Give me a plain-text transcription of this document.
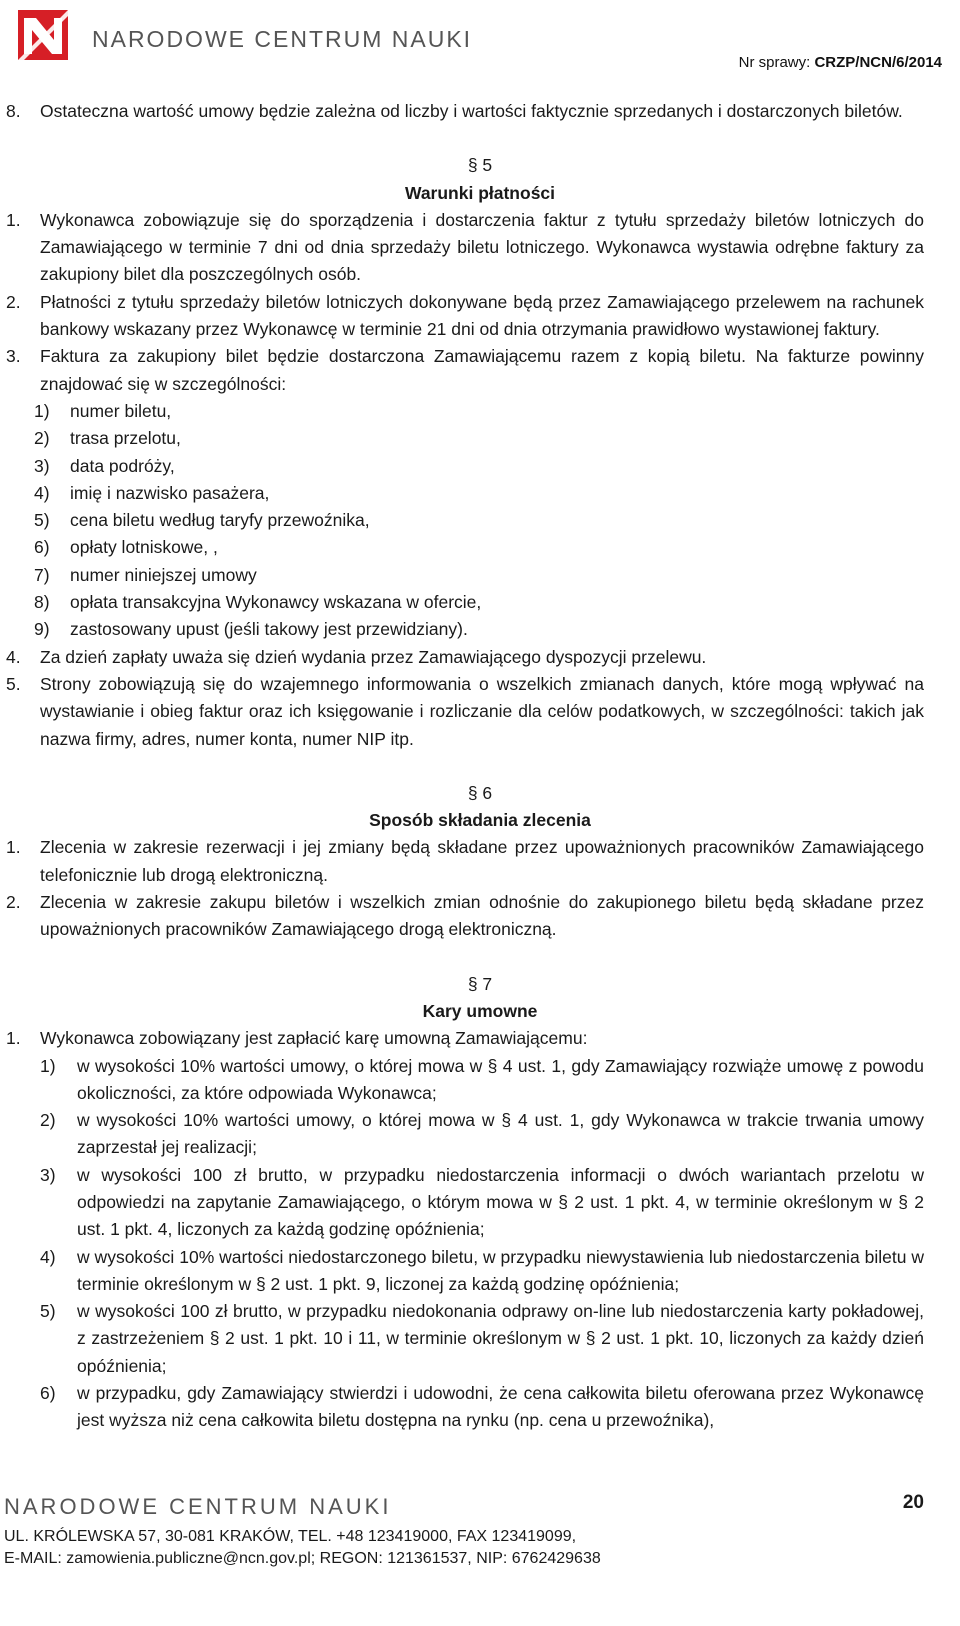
NARODOWE CENTRUM NAUKI
Nr sprawy: CRZP/NCN/6/2014
8. Ostateczna wartość umowy będzie zależna od liczby i wartości faktycznie sprzedanych i dostarczonych biletów.
§ 5
Warunki płatności
1. Wykonawca zobowiązuje się do sporządzenia i dostarczenia faktur z tytułu sprzedaży biletów lotniczych do Zamawiającego w terminie 7 dni od dnia sprzedaży biletu lotniczego. Wykonawca wystawia odrębne faktury za zakupiony bilet dla poszczególnych osób.
2. Płatności z tytułu sprzedaży biletów lotniczych dokonywane będą przez Zamawiającego przelewem na rachunek bankowy wskazany przez Wykonawcę w terminie 21 dni od dnia otrzymania prawidłowo wystawionej faktury.
3. Faktura za zakupiony bilet będzie dostarczona Zamawiającemu razem z kopią biletu. Na fakturze powinny znajdować się w szczególności:
1) numer biletu,
2) trasa przelotu,
3) data podróży,
4) imię i nazwisko pasażera,
5) cena biletu według taryfy przewoźnika,
6) opłaty lotniskowe, ,
7) numer niniejszej umowy
8) opłata transakcyjna Wykonawcy wskazana w ofercie,
9) zastosowany upust (jeśli takowy jest przewidziany).
4. Za dzień zapłaty uważa się dzień wydania przez Zamawiającego dyspozycji przelewu.
5. Strony zobowiązują się do wzajemnego informowania o wszelkich zmianach danych, które mogą wpływać na wystawianie i obieg faktur oraz ich księgowanie i rozliczanie dla celów podatkowych, w szczególności: takich jak nazwa firmy, adres, numer konta, numer NIP itp.
§ 6
Sposób składania zlecenia
1. Zlecenia w zakresie rezerwacji i jej zmiany będą składane przez upoważnionych pracowników Zamawiającego telefonicznie lub drogą elektroniczną.
2. Zlecenia w zakresie zakupu biletów i wszelkich zmian odnośnie do zakupionego biletu będą składane przez upoważnionych pracowników Zamawiającego drogą elektroniczną.
§ 7
Kary umowne
1. Wykonawca zobowiązany jest zapłacić karę umowną Zamawiającemu:
1) w wysokości 10% wartości umowy, o której mowa w § 4 ust. 1, gdy Zamawiający rozwiąże umowę z powodu okoliczności, za które odpowiada Wykonawca;
2) w wysokości 10% wartości umowy, o której mowa w § 4 ust. 1, gdy Wykonawca w trakcie trwania umowy zaprzestał jej realizacji;
3) w wysokości 100 zł brutto, w przypadku niedostarczenia informacji o dwóch wariantach przelotu w odpowiedzi na zapytanie Zamawiającego, o którym mowa w § 2 ust. 1 pkt. 4, w terminie określonym w § 2 ust. 1 pkt. 4, liczonych za każdą godzinę opóźnienia;
4) w wysokości 10% wartości niedostarczonego biletu, w przypadku niewystawienia lub niedostarczenia biletu w terminie określonym w § 2 ust. 1 pkt. 9, liczonej za każdą godzinę opóźnienia;
5) w wysokości 100 zł brutto, w przypadku niedokonania odprawy on-line lub niedostarczenia karty pokładowej, z zastrzeżeniem § 2 ust. 1 pkt. 10 i 11, w terminie określonym w § 2 ust. 1 pkt. 10, liczonych za każdy dzień opóźnienia;
6) w przypadku, gdy Zamawiający stwierdzi i udowodni, że cena całkowita biletu oferowana przez Wykonawcę jest wyższa niż cena całkowita biletu dostępna na rynku (np. cena u przewoźnika),
NARODOWE CENTRUM NAUKI	20
UL. KRÓLEWSKA 57, 30-081 KRAKÓW, TEL. +48 123419000, FAX 123419099,
E-MAIL: zamowienia.publiczne@ncn.gov.pl; REGON: 121361537, NIP: 6762429638
